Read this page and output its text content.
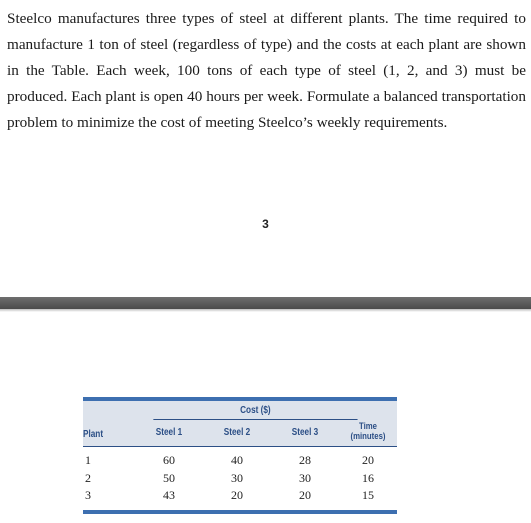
Steelco manufactures three types of steel at different plants. The time required to manufacture 1 ton of steel (regardless of type) and the costs at each plant are shown in the Table. Each week, 100 tons of each type of steel (1, 2, and 3) must be produced. Each plant is open 40 hours per week. Formulate a balanced transportation problem to minimize the cost of meeting Steelco’s weekly requirements.

3
	Cost ($)			
Plant	Steel 1	Steel 2	Steel 3	Time
(minutes)

1	60	40	28	20
2	50	30	30	16
3	43	20	20	15
